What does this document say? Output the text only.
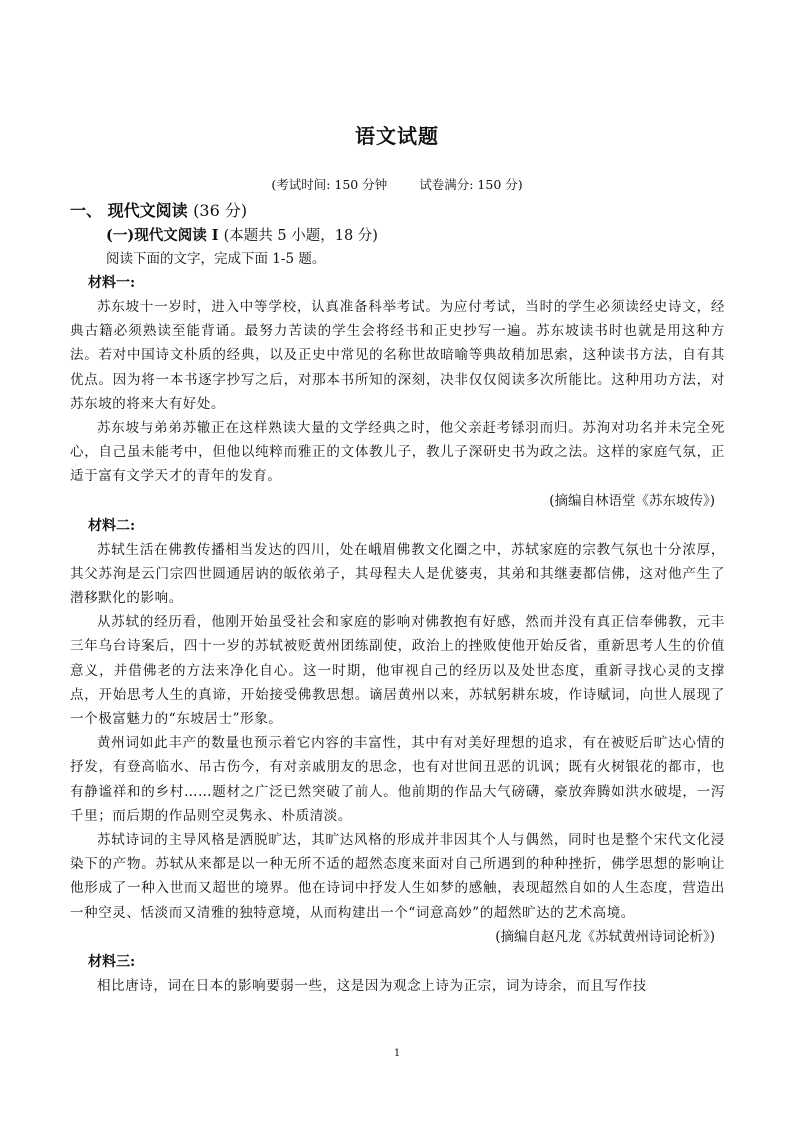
语文试题
(考试时间: 150 分钟	试卷满分: 150 分)
一、 现代文阅读 (36 分)
(一)现代文阅读 I (本题共 5 小题，18 分)
阅读下面的文字，完成下面 1-5 题。
材料一:

苏东坡十一岁时，进入中等学校，认真准备科举考试。为应付考试，当时的学生必须读经史诗文，经典古籍必须熟读至能背诵。最努力苦读的学生会将经书和正史抄写一遍。苏东坡读书时也就是用这种方法。若对中国诗文朴质的经典，以及正史中常见的名称世故暗喻等典故稍加思索，这种读书方法，自有其优点。因为将一本书逐字抄写之后，对那本书所知的深刻，决非仅仅阅读多次所能比。这种用功方法，对苏东坡的将来大有好处。

苏东坡与弟弟苏辙正在这样熟读大量的文学经典之时，他父亲赶考铩羽而归。苏洵对功名并未完全死心，自己虽未能考中，但他以纯粹而雅正的文体教儿子，教儿子深研史书为政之法。这样的家庭气氛，正适于富有文学天才的青年的发育。

(摘编自林语堂《苏东坡传》)
材料二:

苏轼生活在佛教传播相当发达的四川，处在峨眉佛教文化圈之中，苏轼家庭的宗教气氛也十分浓厚，其父苏洵是云门宗四世圆通居讷的皈依弟子，其母程夫人是优婆夷，其弟和其继妻都信佛，这对他产生了潜移默化的影响。

从苏轼的经历看，他刚开始虽受社会和家庭的影响对佛教抱有好感，然而并没有真正信奉佛教，元丰三年乌台诗案后，四十一岁的苏轼被贬黄州团练副使，政治上的挫败使他开始反省，重新思考人生的价值意义，并借佛老的方法来净化自心。这一时期，他审视自己的经历以及处世态度，重新寻找心灵的支撑点，开始思考人生的真谛，开始接受佛教思想。谪居黄州以来，苏轼躬耕东坡，作诗赋词，向世人展现了一个极富魅力的“东坡居士”形象。

黄州词如此丰产的数量也预示着它内容的丰富性，其中有对美好理想的追求，有在被贬后旷达心情的抒发，有登高临水、吊古伤今，有对亲戚朋友的思念，也有对世间丑恶的讥讽；既有火树银花的都市，也有静谧祥和的乡村……题材之广泛已然突破了前人。他前期的作品大气磅礴，豪放奔腾如洪水破堤，一泻千里；而后期的作品则空灵隽永、朴质清淡。

苏轼诗词的主导风格是洒脱旷达，其旷达风格的形成并非因其个人与偶然，同时也是整个宋代文化浸染下的产物。苏轼从来都是以一种无所不适的超然态度来面对自己所遇到的种种挫折，佛学思想的影响让他形成了一种入世而又超世的境界。他在诗词中抒发人生如梦的感触，表现超然自如的人生态度，营造出一种空灵、恬淡而又清雅的独特意境，从而构建出一个“词意高妙”的超然旷达的艺术高境。

(摘编自赵凡龙《苏轼黄州诗词论析》)
材料三:

相比唐诗，词在日本的影响要弱一些，这是因为观念上诗为正宗，词为诗余，而且写作技

1
